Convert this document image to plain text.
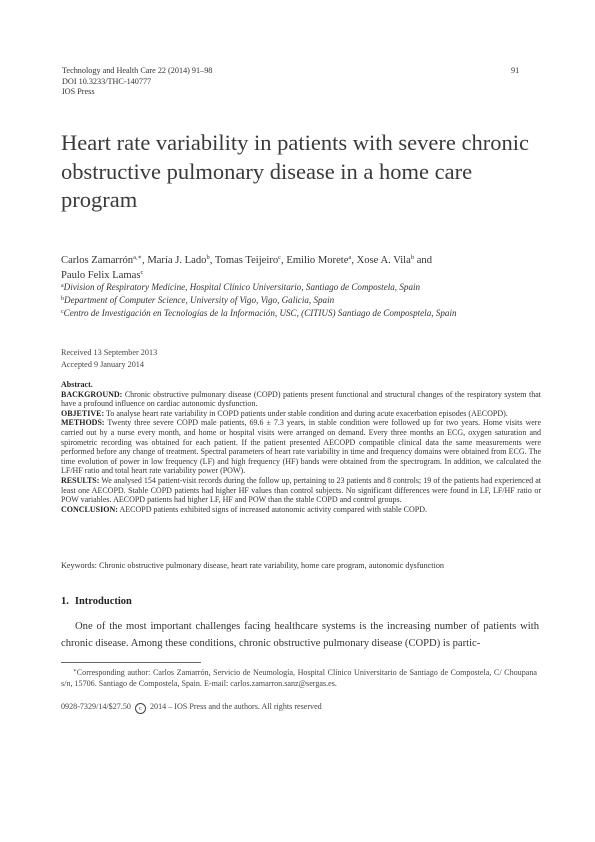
Technology and Health Care 22 (2014) 91–98
DOI 10.3233/THC-140777
IOS Press
91
Heart rate variability in patients with severe chronic obstructive pulmonary disease in a home care program
Carlos Zamarrón$^{a,∗}$, María J. Lado$^b$, Tomas Teijeiro$^c$, Emilio Morete$^a$, Xose A. Vila$^b$ and
Paulo Felix Lamas$^c$
$^a$Division of Respiratory Medicine, Hospital Clínico Universitario, Santiago de Compostela, Spain
$^b$Department of Computer Science, University of Vigo, Vigo, Galicia, Spain
$^c$Centro de Investigación en Tecnologías de la Información, USC, (CITIUS) Santiago de Composptela, Spain
Received 13 September 2013
Accepted 9 January 2014

Abstract.

BACKGROUND: Chronic obstructive pulmonary disease (COPD) patients present functional and structural changes of the respiratory system that have a profound influence on cardiac autonomic dysfunction.

OBJETIVE: To analyse heart rate variability in COPD patients under stable condition and during acute exacerbation episodes (AECOPD).

METHODS: Twenty three severe COPD male patients, 69.6 ± 7.3 years, in stable condition were followed up for two years. Home visits were carried out by a nurse every month, and home or hospital visits were arranged on demand. Every three months an ECG, oxygen saturation and spirometric recording was obtained for each patient. If the patient presented AECOPD compatible clinical data the same measurements were performed before any change of treatment. Spectral parameters of heart rate variability in time and frequency domains were obtained from ECG. The time evolution of power in low frequency (LF) and high frequency (HF) bands were obtained from the spectrogram. In addition, we calculated the LF/HF ratio and total heart rate variability power (POW).

RESULTS: We analysed 154 patient-visit records during the follow up, pertaining to 23 patients and 8 controls; 19 of the patients had experienced at least one AECOPD. Stable COPD patients had higher HF values than control subjects. No significant differences were found in LF, LF/HF ratio or POW variables. AECOPD patients had higher LF, HF and POW than the stable COPD and control groups.

CONCLUSION: AECOPD patients exhibited signs of increased autonomic activity compared with stable COPD.

Keywords: Chronic obstructive pulmonary disease, heart rate variability, home care program, autonomic dysfunction
1. Introduction
One of the most important challenges facing healthcare systems is the increasing number of patients with chronic disease. Among these conditions, chronic obstructive pulmonary disease (COPD) is partic-
∗Corresponding author: Carlos Zamarrón, Servicio de Neumología, Hospital Clínico Universitario de Santiago de Compostela, C/ Choupana s/n, 15706. Santiago de Compostela, Spain. E-mail: carlos.zamarron.sanz@sergas.es.
0928-7329/14/$27.50 c 2014 – IOS Press and the authors. All rights reserved
